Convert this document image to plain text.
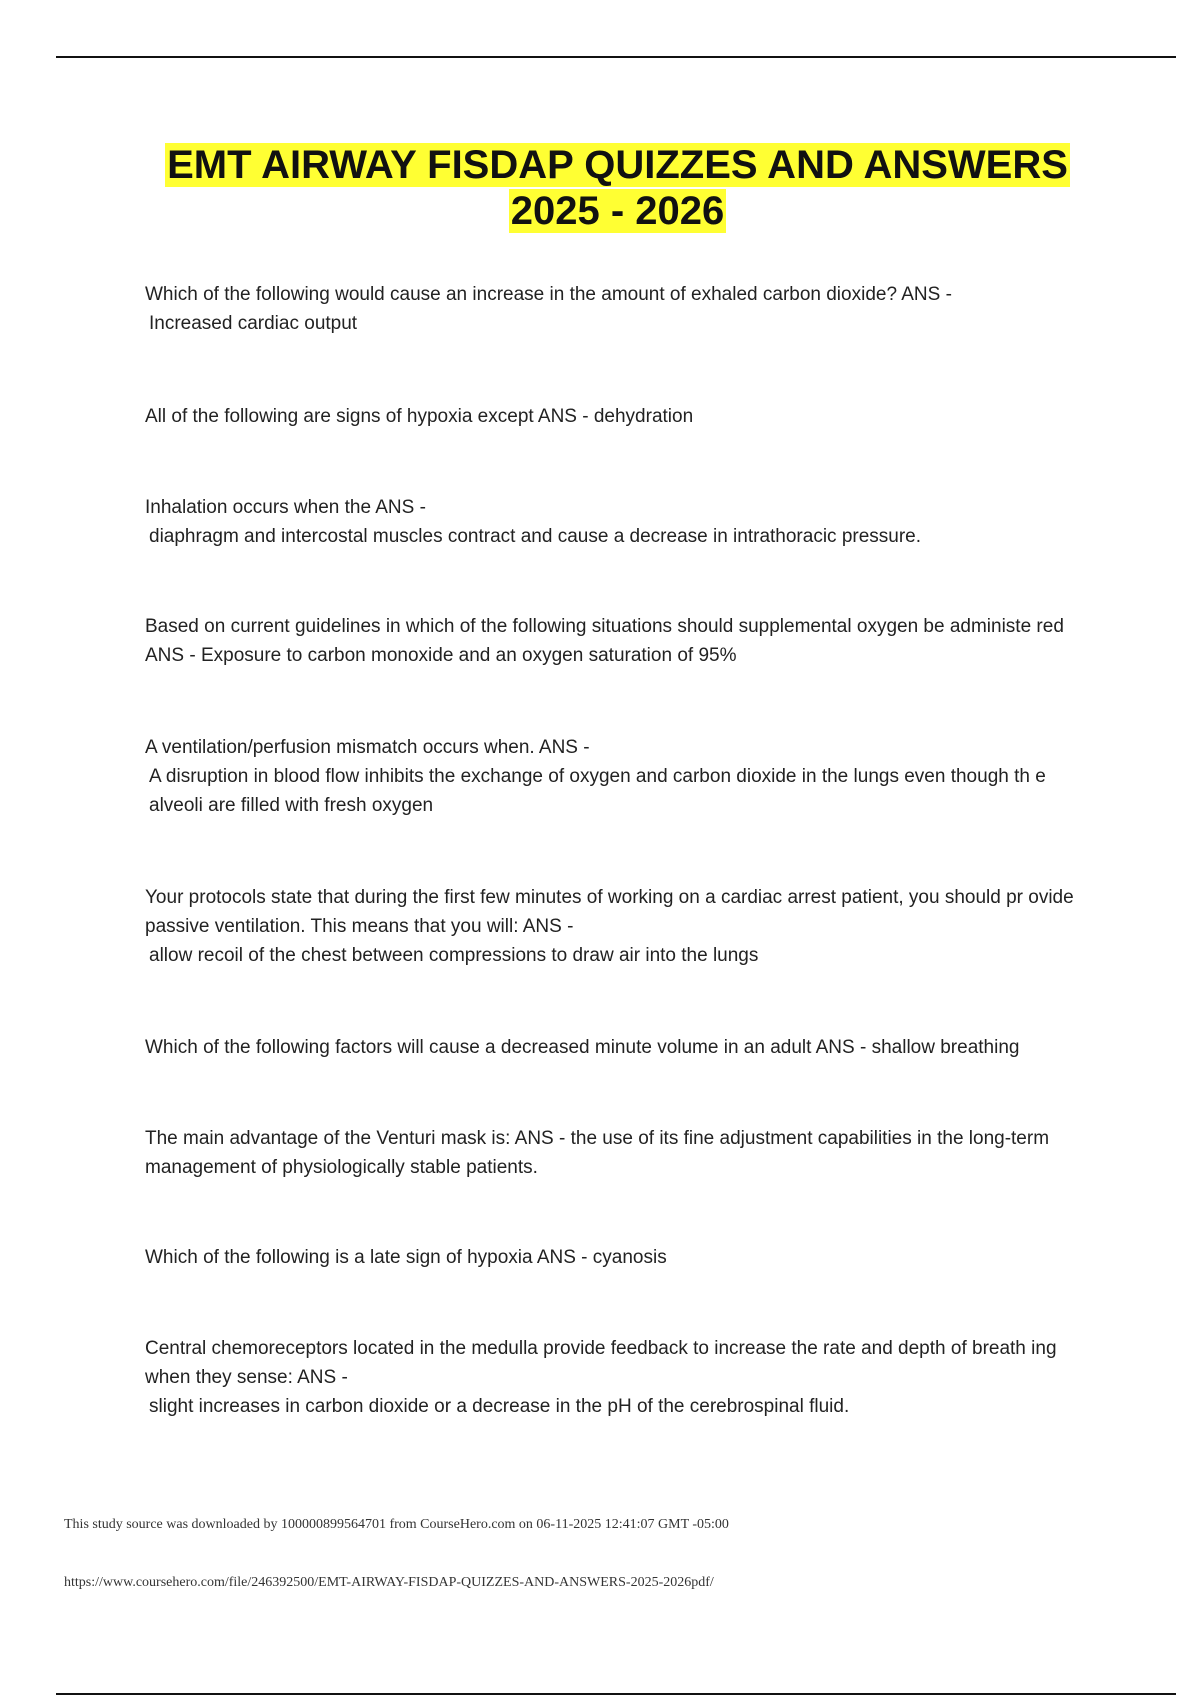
EMT AIRWAY FISDAP QUIZZES AND ANSWERS
2025 - 2026
Which of the following would cause an increase in the amount of exhaled carbon dioxide? ANS -

Increased cardiac output
All of the following are signs of hypoxia except ANS - dehydration
Inhalation occurs when the ANS -

diaphragm and intercostal muscles contract and cause a decrease in intrathoracic pressure.
Based on current guidelines in which of the following situations should supplemental oxygen be administe red ANS - Exposure to carbon monoxide and an oxygen saturation of 95%
A ventilation/perfusion mismatch occurs when. ANS -

A disruption in blood flow inhibits the exchange of oxygen and carbon dioxide in the lungs even though th e alveoli are filled with fresh oxygen
Your protocols state that during the first few minutes of working on a cardiac arrest patient, you should pr ovide passive ventilation. This means that you will: ANS -

allow recoil of the chest between compressions to draw air into the lungs
Which of the following factors will cause a decreased minute volume in an adult ANS - shallow breathing
The main advantage of the Venturi mask is: ANS - the use of its fine adjustment capabilities in the long-term management of physiologically stable patients.
Which of the following is a late sign of hypoxia ANS - cyanosis
Central chemoreceptors located in the medulla provide feedback to increase the rate and depth of breath ing when they sense: ANS -

slight increases in carbon dioxide or a decrease in the pH of the cerebrospinal fluid.
This study source was downloaded by 100000899564701 from CourseHero.com on 06-11-2025 12:41:07 GMT -05:00
https://www.coursehero.com/file/246392500/EMT-AIRWAY-FISDAP-QUIZZES-AND-ANSWERS-2025-2026pdf/
